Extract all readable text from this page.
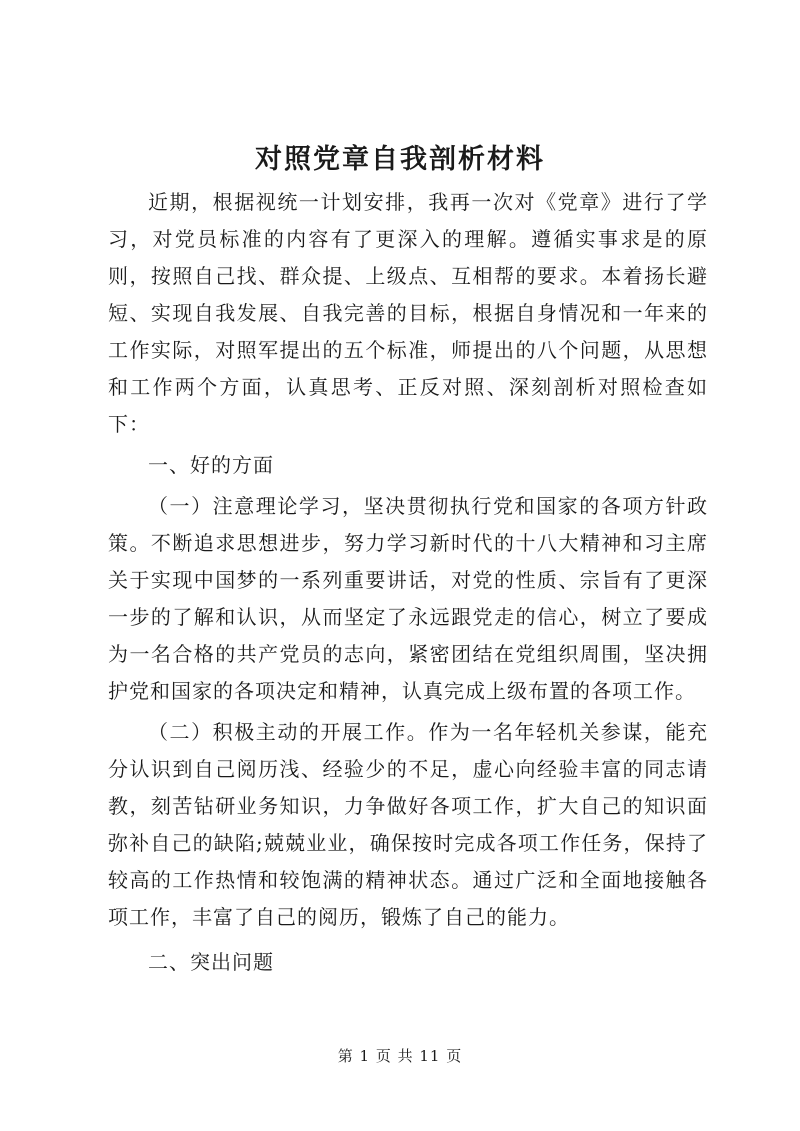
对照党章自我剖析材料

近期，根据视统一计划安排，我再一次对《党章》进行了学习，对党员标准的内容有了更深入的理解。遵循实事求是的原则，按照自己找、群众提、上级点、互相帮的要求。本着扬长避短、实现自我发展、自我完善的目标，根据自身情况和一年来的工作实际，对照军提出的五个标准，师提出的八个问题，从思想和工作两个方面，认真思考、正反对照、深刻剖析对照检查如下：

一、好的方面

（一）注意理论学习，坚决贯彻执行党和国家的各项方针政策。不断追求思想进步，努力学习新时代的十八大精神和习主席关于实现中国梦的一系列重要讲话，对党的性质、宗旨有了更深一步的了解和认识，从而坚定了永远跟党走的信心，树立了要成为一名合格的共产党员的志向，紧密团结在党组织周围，坚决拥护党和国家的各项决定和精神，认真完成上级布置的各项工作。

（二）积极主动的开展工作。作为一名年轻机关参谋，能充分认识到自己阅历浅、经验少的不足，虚心向经验丰富的同志请教，刻苦钻研业务知识，力争做好各项工作，扩大自己的知识面弥补自己的缺陷;兢兢业业，确保按时完成各项工作任务，保持了较高的工作热情和较饱满的精神状态。通过广泛和全面地接触各项工作，丰富了自己的阅历，锻炼了自己的能力。

二、突出问题

第 1 页 共 11 页
